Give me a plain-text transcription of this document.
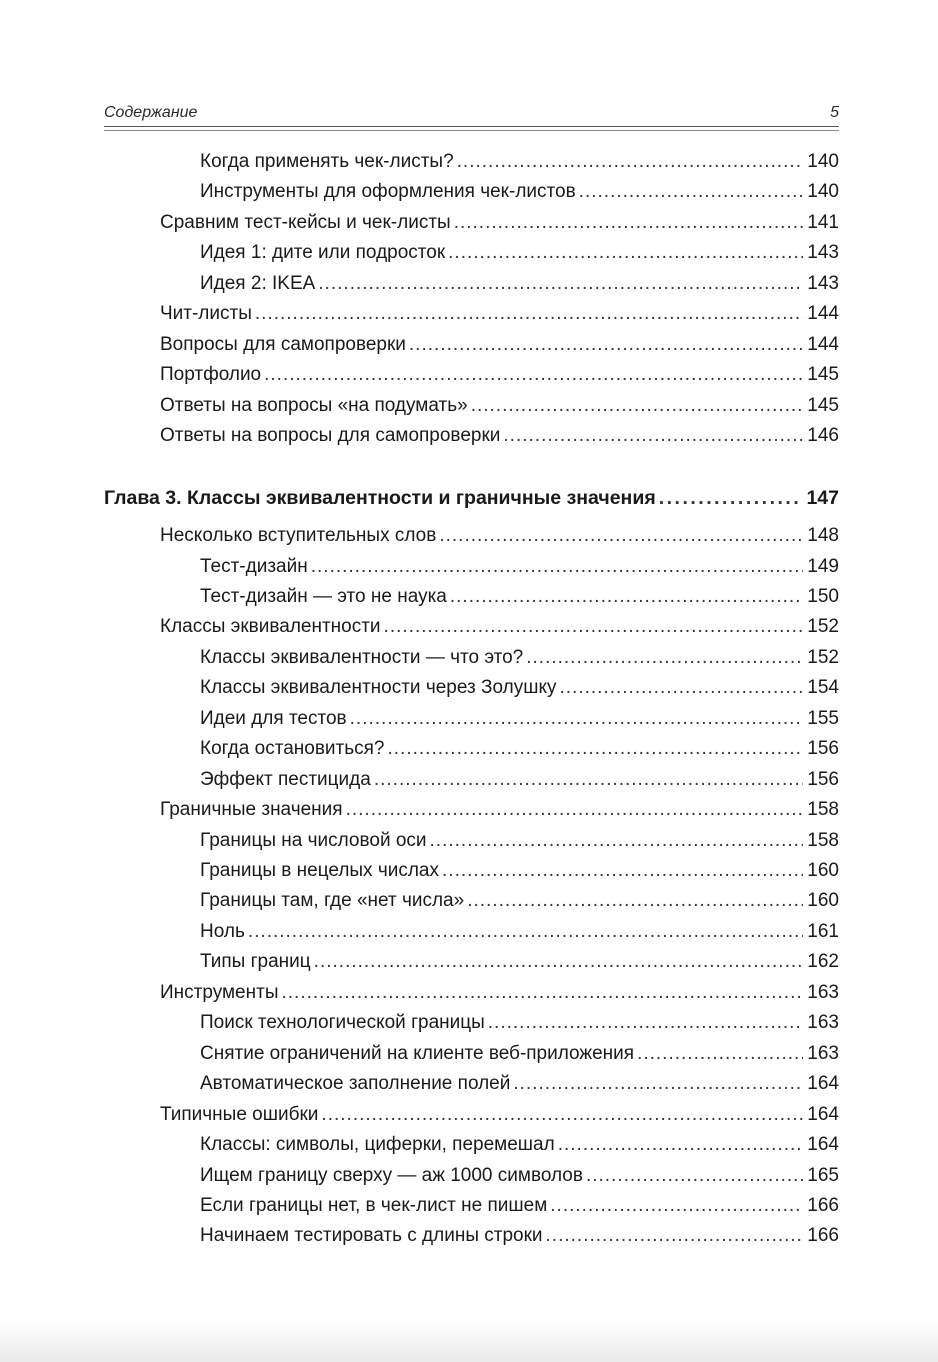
Содержание	5
Когда применять чек-листы? .....	140
Инструменты для оформления чек-листов .....	140
Сравним тест-кейсы и чек-листы .....	141
Идея 1: дите или подросток .....	143
Идея 2: IKEA .....	143
Чит-листы .....	144
Вопросы для самопроверки .....	144
Портфолио .....	145
Ответы на вопросы «на подумать» .....	145
Ответы на вопросы для самопроверки .....	146
Глава 3. Классы эквивалентности и граничные значения .....	147
Несколько вступительных слов .....	148
Тест-дизайн .....	149
Тест-дизайн — это не наука .....	150
Классы эквивалентности .....	152
Классы эквивалентности — что это? .....	152
Классы эквивалентности через Золушку .....	154
Идеи для тестов .....	155
Когда остановиться? .....	156
Эффект пестицида .....	156
Граничные значения .....	158
Границы на числовой оси .....	158
Границы в нецелых числах .....	160
Границы там, где «нет числа» .....	160
Ноль .....	161
Типы границ .....	162
Инструменты .....	163
Поиск технологической границы .....	163
Снятие ограничений на клиенте веб-приложения .....	163
Автоматическое заполнение полей .....	164
Типичные ошибки .....	164
Классы: символы, циферки, перемешал .....	164
Ищем границу сверху — аж 1000 символов .....	165
Если границы нет, в чек-лист не пишем .....	166
Начинаем тестировать с длины строки .....	166
